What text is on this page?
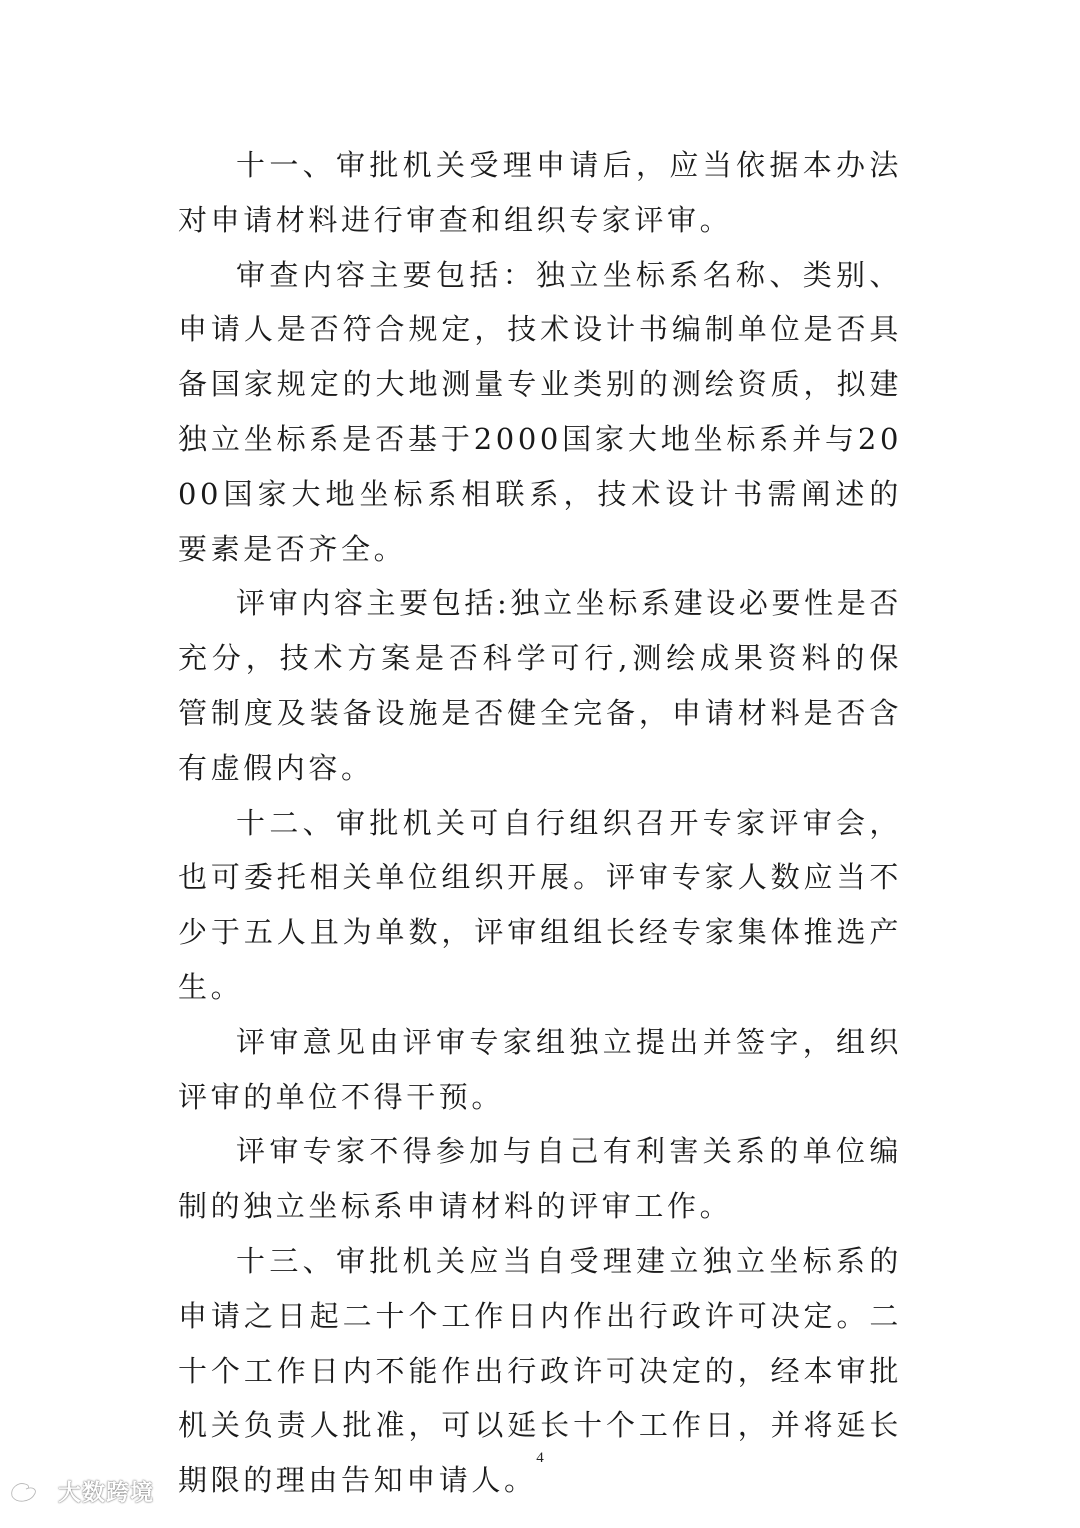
十一、审批机关受理申请后，应当依据本办法对申请材料进行审查和组织专家评审。

审查内容主要包括：独立坐标系名称、类别、申请人是否符合规定，技术设计书编制单位是否具备国家规定的大地测量专业类别的测绘资质，拟建独立坐标系是否基于2000国家大地坐标系并与2000国家大地坐标系相联系，技术设计书需阐述的要素是否齐全。

评审内容主要包括:独立坐标系建设必要性是否充分，技术方案是否科学可行,测绘成果资料的保管制度及装备设施是否健全完备，申请材料是否含有虚假内容。

十二、审批机关可自行组织召开专家评审会，也可委托相关单位组织开展。评审专家人数应当不少于五人且为单数，评审组组长经专家集体推选产生。

评审意见由评审专家组独立提出并签字，组织评审的单位不得干预。

评审专家不得参加与自己有利害关系的单位编制的独立坐标系申请材料的评审工作。

十三、审批机关应当自受理建立独立坐标系的申请之日起二十个工作日内作出行政许可决定。二十个工作日内不能作出行政许可决定的，经本审批机关负责人批准，可以延长十个工作日，并将延长期限的理由告知申请人。

4
大数跨境
